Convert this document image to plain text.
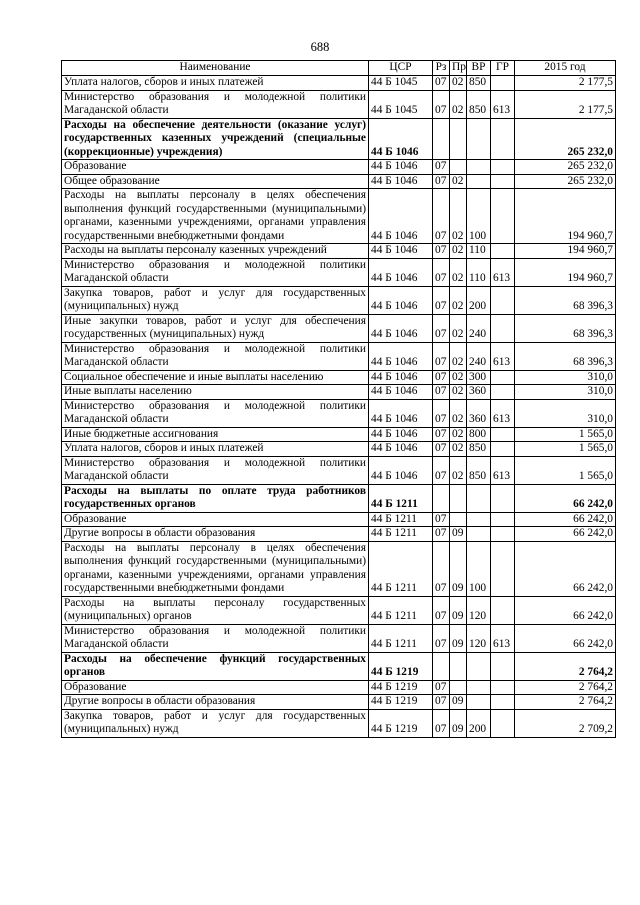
688
Наименование	ЦСР	Рз	Пр	ВР	ГР	2015 год
Уплата налогов, сборов и иных платежей	44 Б 1045	07	02	850		2 177,5
Министерство образования и молодежной политики Магаданской области	44 Б 1045	07	02	850	613	2 177,5
Расходы на обеспечение деятельности (оказание услуг) государственных казенных учреждений (специальные (коррекционные) учреждения)	44 Б 1046					265 232,0
Образование	44 Б 1046	07				265 232,0
Общее образование	44 Б 1046	07	02			265 232,0
Расходы на выплаты персоналу в целях обеспечения выполнения функций государственными (муниципальными) органами, казенными учреждениями, органами управления государственными внебюджетными фондами	44 Б 1046	07	02	100		194 960,7
Расходы на выплаты персоналу казенных учреждений	44 Б 1046	07	02	110		194 960,7
Министерство образования и молодежной политики Магаданской области	44 Б 1046	07	02	110	613	194 960,7
Закупка товаров, работ и услуг для государственных (муниципальных) нужд	44 Б 1046	07	02	200		68 396,3
Иные закупки товаров, работ и услуг для обеспечения государственных (муниципальных) нужд	44 Б 1046	07	02	240		68 396,3
Министерство образования и молодежной политики Магаданской области	44 Б 1046	07	02	240	613	68 396,3
Социальное обеспечение и иные выплаты населению	44 Б 1046	07	02	300		310,0
Иные выплаты населению	44 Б 1046	07	02	360		310,0
Министерство образования и молодежной политики Магаданской области	44 Б 1046	07	02	360	613	310,0
Иные бюджетные ассигнования	44 Б 1046	07	02	800		1 565,0
Уплата налогов, сборов и иных платежей	44 Б 1046	07	02	850		1 565,0
Министерство образования и молодежной политики Магаданской области	44 Б 1046	07	02	850	613	1 565,0
Расходы на выплаты по оплате труда работников государственных органов	44 Б 1211					66 242,0
Образование	44 Б 1211	07				66 242,0
Другие вопросы в области образования	44 Б 1211	07	09			66 242,0
Расходы на выплаты персоналу в целях обеспечения выполнения функций государственными (муниципальными) органами, казенными учреждениями, органами управления государственными внебюджетными фондами	44 Б 1211	07	09	100		66 242,0
Расходы на выплаты персоналу государственных (муниципальных) органов	44 Б 1211	07	09	120		66 242,0
Министерство образования и молодежной политики Магаданской области	44 Б 1211	07	09	120	613	66 242,0
Расходы на обеспечение функций государственных органов	44 Б 1219					2 764,2
Образование	44 Б 1219	07				2 764,2
Другие вопросы в области образования	44 Б 1219	07	09			2 764,2
Закупка товаров, работ и услуг для государственных (муниципальных) нужд	44 Б 1219	07	09	200		2 709,2
